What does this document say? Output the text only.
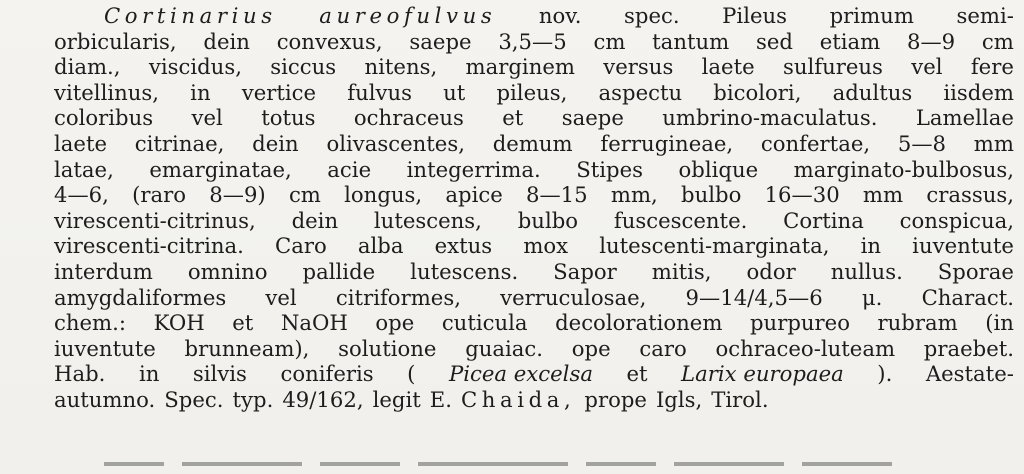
Cortinarius aureofulvus nov. spec. Pileus primum semi-
orbicularis, dein convexus, saepe 3,5—5 cm tantum sed etiam 8—9 cm
diam., viscidus, siccus nitens, marginem versus laete sulfureus vel fere
vitellinus, in vertice fulvus ut pileus, aspectu bicolori, adultus iisdem
coloribus vel totus ochraceus et saepe umbrino-maculatus. Lamellae
laete citrinae, dein olivascentes, demum ferrugineae, confertae, 5—8 mm
latae, emarginatae, acie integerrima. Stipes oblique marginato-bulbosus,
4—6, (raro 8—9) cm longus, apice 8—15 mm, bulbo 16—30 mm crassus,
virescenti-citrinus, dein lutescens, bulbo fuscescente. Cortina conspicua,
virescenti-citrina. Caro alba extus mox lutescenti-marginata, in iuventute
interdum omnino pallide lutescens. Sapor mitis, odor nullus. Sporae
amygdaliformes vel citriformes, verruculosae, 9—14/4,5—6 μ. Charact.
chem.: KOH et NaOH ope cuticula decolorationem purpureo rubram (in
iuventute brunneam), solutione guaiac. ope caro ochraceo-luteam praebet.
Hab. in silvis coniferis ( Picea excelsa et Larix europaea ). Aestate-
autumno. Spec. typ. 49/162, legit E. Chaida, prope Igls, Tirol.
